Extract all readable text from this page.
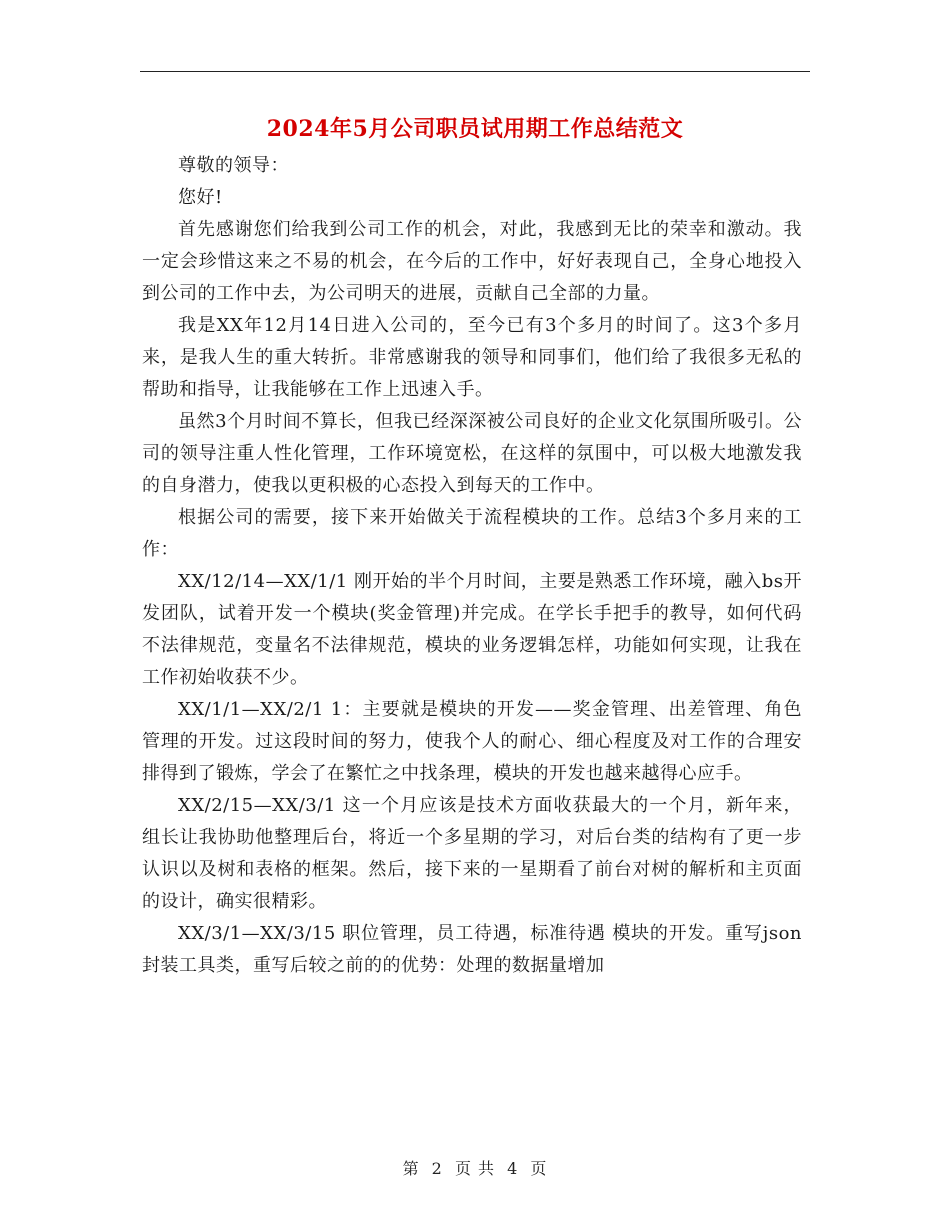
2024年5月公司职员试用期工作总结范文

尊敬的领导：

您好!

首先感谢您们给我到公司工作的机会，对此，我感到无比的荣幸和激动。我一定会珍惜这来之不易的机会，在今后的工作中，好好表现自己，全身心地投入到公司的工作中去，为公司明天的进展，贡献自己全部的力量。

我是XX年12月14日进入公司的，至今已有3个多月的时间了。这3个多月来，是我人生的重大转折。非常感谢我的领导和同事们，他们给了我很多无私的帮助和指导，让我能够在工作上迅速入手。

虽然3个月时间不算长，但我已经深深被公司良好的企业文化氛围所吸引。公司的领导注重人性化管理，工作环境宽松，在这样的氛围中，可以极大地激发我的自身潜力，使我以更积极的心态投入到每天的工作中。

根据公司的需要，接下来开始做关于流程模块的工作。总结3个多月来的工作：

XX/12/14—XX/1/1 刚开始的半个月时间，主要是熟悉工作环境，融入bs开发团队，试着开发一个模块(奖金管理)并完成。在学长手把手的教导，如何代码不法律规范，变量名不法律规范，模块的业务逻辑怎样，功能如何实现，让我在工作初始收获不少。

XX/1/1—XX/2/1 1：主要就是模块的开发——奖金管理、出差管理、角色管理的开发。过这段时间的努力，使我个人的耐心、细心程度及对工作的合理安排得到了锻炼，学会了在繁忙之中找条理，模块的开发也越来越得心应手。

XX/2/15—XX/3/1 这一个月应该是技术方面收获最大的一个月，新年来，组长让我协助他整理后台，将近一个多星期的学习，对后台类的结构有了更一步认识以及树和表格的框架。然后，接下来的一星期看了前台对树的解析和主页面的设计，确实很精彩。

XX/3/1—XX/3/15 职位管理，员工待遇，标准待遇 模块的开发。重写json封装工具类，重写后较之前的的优势：处理的数据量增加

第 2 页 共 4 页
